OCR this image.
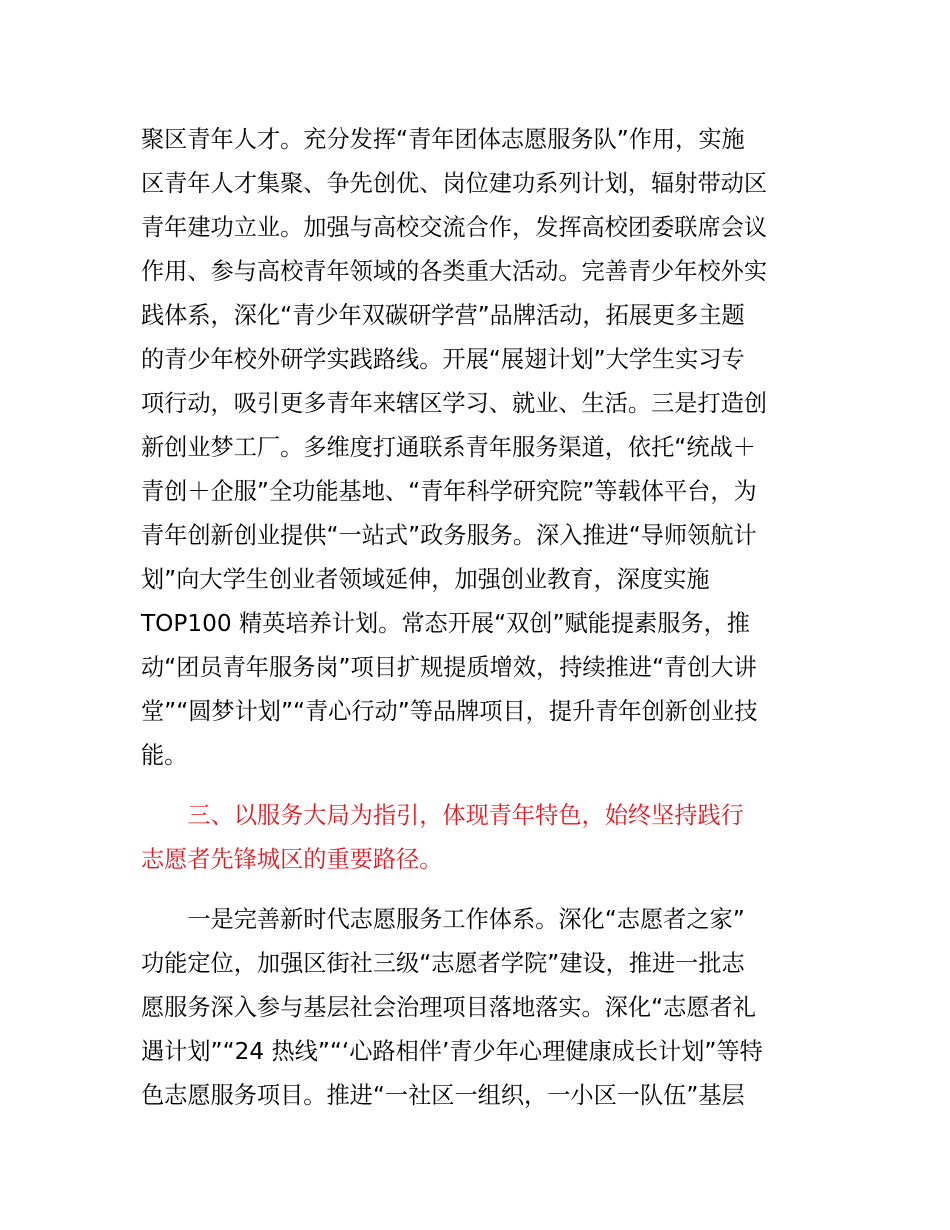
聚区青年人才。充分发挥“青年团体志愿服务队”作用，实施
区青年人才集聚、争先创优、岗位建功系列计划，辐射带动区
青年建功立业。加强与高校交流合作，发挥高校团委联席会议
作用、参与高校青年领域的各类重大活动。完善青少年校外实
践体系，深化“青少年双碳研学营”品牌活动，拓展更多主题
的青少年校外研学实践路线。开展“展翅计划”大学生实习专
项行动，吸引更多青年来辖区学习、就业、生活。三是打造创
新创业梦工厂。多维度打通联系青年服务渠道，依托“统战＋
青创＋企服”全功能基地、“青年科学研究院”等载体平台，为
青年创新创业提供“一站式”政务服务。深入推进“导师领航计
划”向大学生创业者领域延伸，加强创业教育，深度实施
TOP100 精英培养计划。常态开展“双创”赋能提素服务，推
动“团员青年服务岗”项目扩规提质增效，持续推进“青创大讲
堂”“圆梦计划”“青心行动”等品牌项目，提升青年创新创业技
能。

　　三、以服务大局为指引，体现青年特色，始终坚持践行
志愿者先锋城区的重要路径。

　　一是完善新时代志愿服务工作体系。深化“志愿者之家”
功能定位，加强区街社三级“志愿者学院”建设，推进一批志
愿服务深入参与基层社会治理项目落地落实。深化“志愿者礼
遇计划”“24 热线”“‘心路相伴’青少年心理健康成长计划”等特
色志愿服务项目。推进“一社区一组织，一小区一队伍”基层
